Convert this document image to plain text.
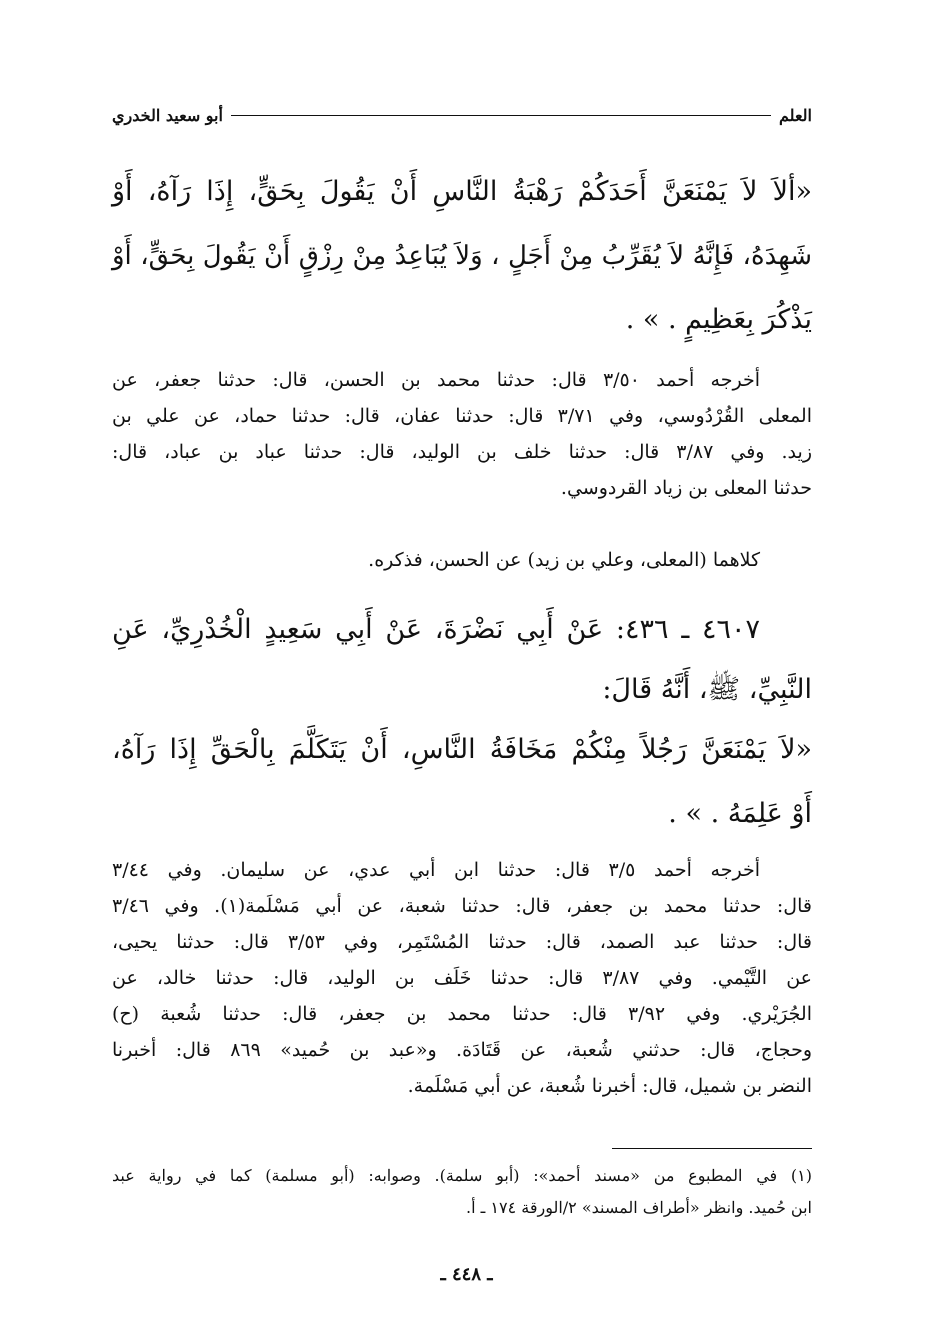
العلم
أبو سعيد الخدري
«ألاَ لاَ يَمْنَعَنَّ أَحَدَكُمْ رَهْبَةُ النَّاسِ أَنْ يَقُولَ بِحَقٍّ، إِذَا رَآهُ، أَوْ
شَهِدَهُ، فَإِنَّهُ لاَ يُقَرِّبُ مِنْ أَجَلٍ ، وَلاَ يُبَاعِدُ مِنْ رِزْقٍ أَنْ يَقُولَ بِحَقٍّ، أَوْ
يَذْكُرَ بِعَظِيمٍ . » .
أخرجه أحمد ٣/٥٠ قال: حدثنا محمد بن الحسن، قال: حدثنا جعفر، عن
المعلى القُرْدُوسي، وفي ٣/٧١ قال: حدثنا عفان، قال: حدثنا حماد، عن علي بن
زيد. وفي ٣/٨٧ قال: حدثنا خلف بن الوليد، قال: حدثنا عباد بن عباد، قال:
حدثنا المعلى بن زياد القردوسي.
كلاهما (المعلى، وعلي بن زيد) عن الحسن، فذكره.
٤٦٠٧ ـ ٤٣٦: عَنْ أَبِي نَضْرَةَ، عَنْ أَبِي سَعِيدٍ الْخُدْرِيِّ، عَنِ
النَّبِيِّ، ﷺ، أَنَّهُ قَالَ:
«لاَ يَمْنَعَنَّ رَجُلاً مِنْكُمْ مَخَافَةُ النَّاسِ، أَنْ يَتَكَلَّمَ بِالْحَقِّ إِذَا رَآهُ،
أَوْ عَلِمَهُ . » .
أخرجه أحمد ٣/٥ قال: حدثنا ابن أبي عدي، عن سليمان. وفي ٣/٤٤
قال: حدثنا محمد بن جعفر، قال: حدثنا شعبة، عن أبي مَسْلَمة(١). وفي ٣/٤٦
قال: حدثنا عبد الصمد، قال: حدثنا المُسْتَمِر، وفي ٣/٥٣ قال: حدثنا يحيى،
عن التَّيْمي. وفي ٣/٨٧ قال: حدثنا خَلَف بن الوليد، قال: حدثنا خالد، عن
الجُرَيْري. وفي ٣/٩٢ قال: حدثنا محمد بن جعفر، قال: حدثنا شُعبة (ح)
وحجاج، قال: حدثني شُعبة، عن قَتَادَة. و«عبد بن حُميد» ٨٦٩ قال: أخبرنا
النضر بن شميل، قال: أخبرنا شُعبة، عن أبي مَسْلَمة.
(١) في المطبوع من «مسند أحمد»: (أبو سلمة). وصوابه: (أبو مسلمة) كما في رواية عبد
ابن حُميد. وانظر «أطراف المسند» ٢/الورقة ١٧٤ ـ أ.
ـ ٤٤٨ ـ
